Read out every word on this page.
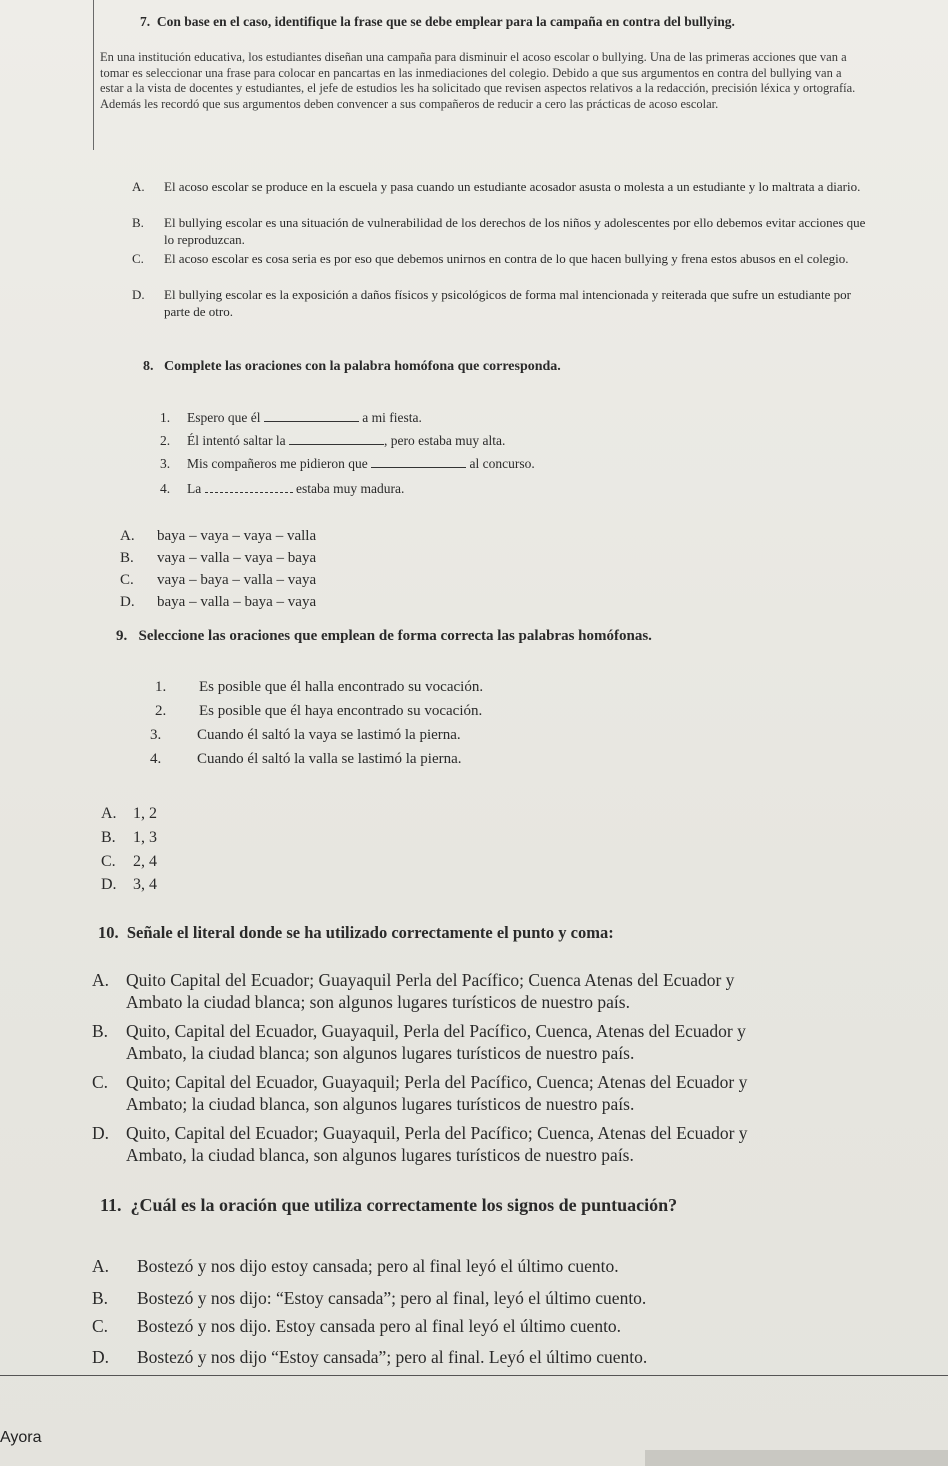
7. Con base en el caso, identifique la frase que se debe emplear para la campaña en contra del bullying.
En una institución educativa, los estudiantes diseñan una campaña para disminuir el acoso escolar o bullying. Una de las primeras acciones que van a tomar es seleccionar una frase para colocar en pancartas en las inmediaciones del colegio. Debido a que sus argumentos en contra del bullying van a estar a la vista de docentes y estudiantes, el jefe de estudios les ha solicitado que revisen aspectos relativos a la redacción, precisión léxica y ortografía. Además les recordó que sus argumentos deben convencer a sus compañeros de reducir a cero las prácticas de acoso escolar.
A.	El acoso escolar se produce en la escuela y pasa cuando un estudiante acosador asusta o molesta a un estudiante y lo maltrata a diario.
B.	El bullying escolar es una situación de vulnerabilidad de los derechos de los niños y adolescentes por ello debemos evitar acciones que lo reproduzcan.
C.	El acoso escolar es cosa seria es por eso que debemos unirnos en contra de lo que hacen bullying y frena estos abusos en el colegio.
D.	El bullying escolar es la exposición a daños físicos y psicológicos de forma mal intencionada y reiterada que sufre un estudiante por parte de otro.
8. Complete las oraciones con la palabra homófona que corresponda.
1. Espero que él	a mi fiesta.
2. Él intentó saltar la	, pero estaba muy alta.
3. Mis compañeros me pidieron que	al concurso.
4. La	estaba muy madura.
A. baya – vaya – vaya – valla
B. vaya – valla – vaya – baya
C. vaya – baya – valla – vaya
D. baya – valla – baya – vaya
9. Seleccione las oraciones que emplean de forma correcta las palabras homófonas.
1. Es posible que él halla encontrado su vocación.
2. Es posible que él haya encontrado su vocación.
3. Cuando él saltó la vaya se lastimó la pierna.
4. Cuando él saltó la valla se lastimó la pierna.
A. 1, 2
B. 1, 3
C. 2, 4
D. 3, 4
10. Señale el literal donde se ha utilizado correctamente el punto y coma:
A. Quito Capital del Ecuador; Guayaquil Perla del Pacífico; Cuenca Atenas del Ecuador y
Ambato la ciudad blanca; son algunos lugares turísticos de nuestro país.
B. Quito, Capital del Ecuador, Guayaquil, Perla del Pacífico, Cuenca, Atenas del Ecuador y
Ambato, la ciudad blanca; son algunos lugares turísticos de nuestro país.
C. Quito; Capital del Ecuador, Guayaquil; Perla del Pacífico, Cuenca; Atenas del Ecuador y
Ambato; la ciudad blanca, son algunos lugares turísticos de nuestro país.
D. Quito, Capital del Ecuador; Guayaquil, Perla del Pacífico; Cuenca, Atenas del Ecuador y
Ambato, la ciudad blanca, son algunos lugares turísticos de nuestro país.
11. ¿Cuál es la oración que utiliza correctamente los signos de puntuación?
A. Bostezó y nos dijo estoy cansada; pero al final leyó el último cuento.
B. Bostezó y nos dijo: “Estoy cansada”; pero al final, leyó el último cuento.
C. Bostezó y nos dijo. Estoy cansada pero al final leyó el último cuento.
D. Bostezó y nos dijo “Estoy cansada”; pero al final. Leyó el último cuento.
Ayora
